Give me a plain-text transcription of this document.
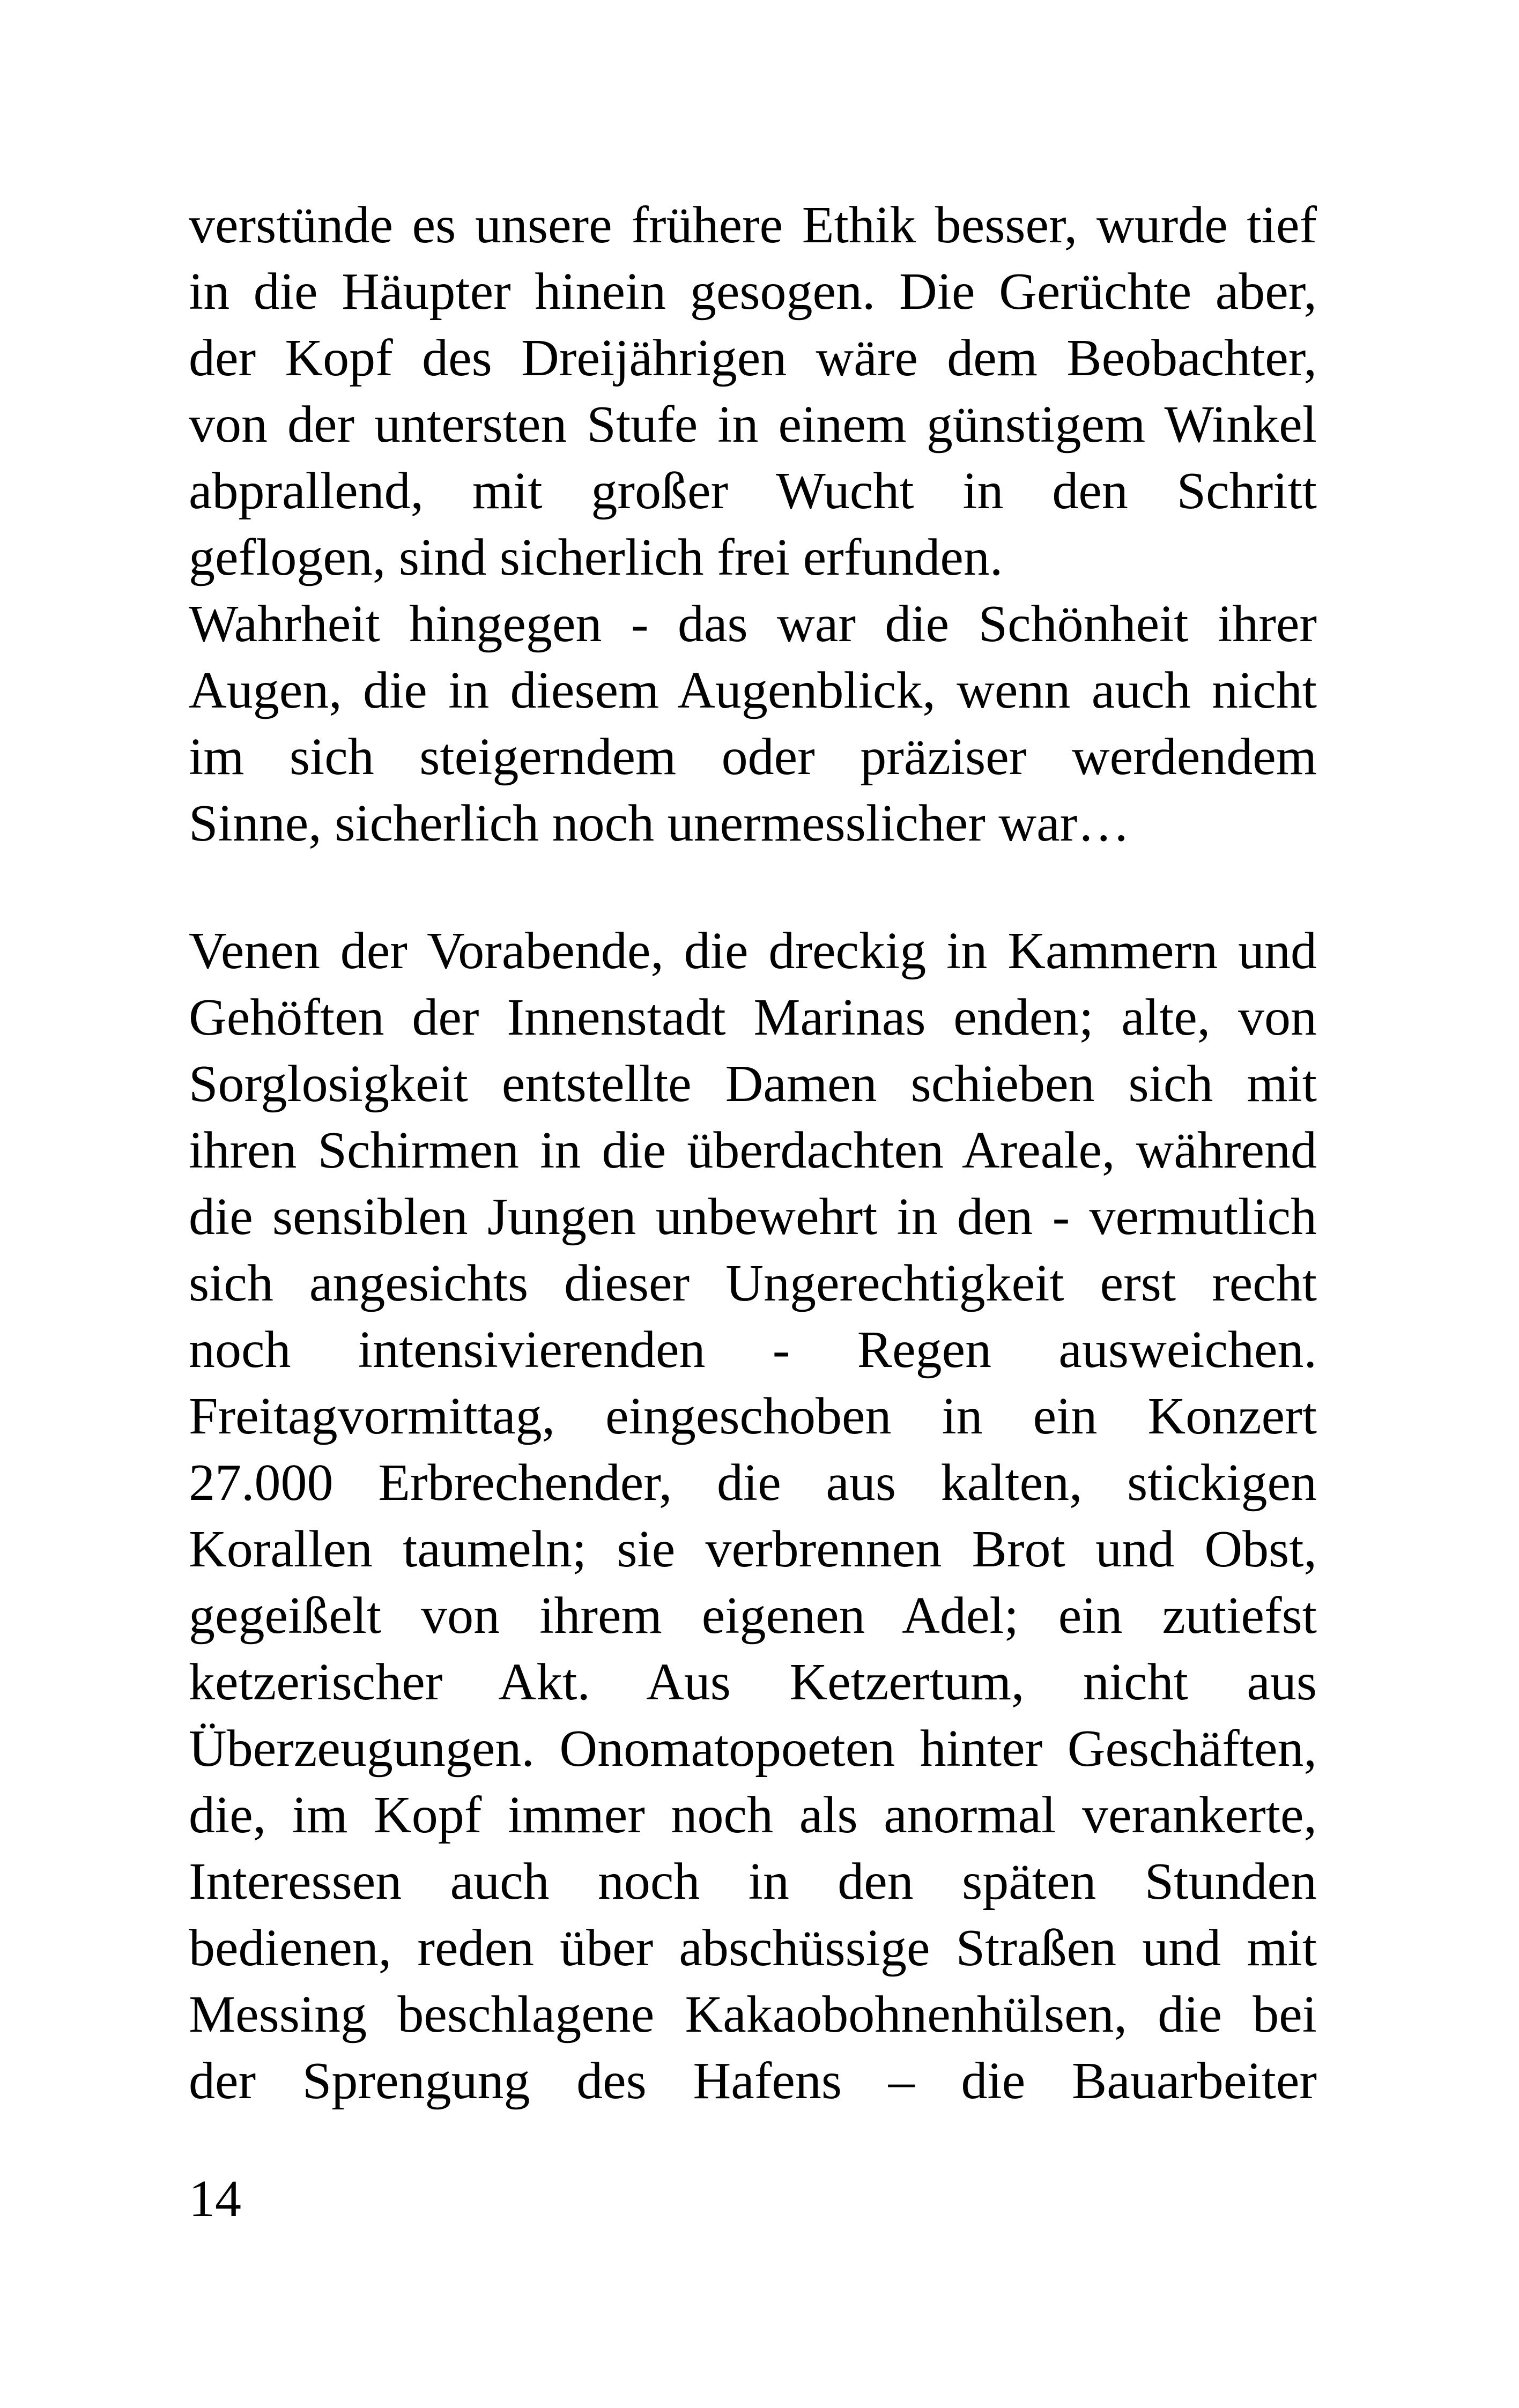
verstünde es unsere frühere Ethik besser, wurde tief
in die Häupter hinein gesogen. Die Gerüchte aber,
der Kopf des Dreijährigen wäre dem Beobachter,
von der untersten Stufe in einem günstigem Winkel
abprallend, mit großer Wucht in den Schritt
geflogen, sind sicherlich frei erfunden.
Wahrheit hingegen - das war die Schönheit ihrer
Augen, die in diesem Augenblick, wenn auch nicht
im sich steigerndem oder präziser werdendem
Sinne, sicherlich noch unermesslicher war…
Venen der Vorabende, die dreckig in Kammern und
Gehöften der Innenstadt Marinas enden; alte, von
Sorglosigkeit entstellte Damen schieben sich mit
ihren Schirmen in die überdachten Areale, während
die sensiblen Jungen unbewehrt in den - vermutlich
sich angesichts dieser Ungerechtigkeit erst recht
noch intensivierenden - Regen ausweichen.
Freitagvormittag, eingeschoben in ein Konzert
27.000 Erbrechender, die aus kalten, stickigen
Korallen taumeln; sie verbrennen Brot und Obst,
gegeißelt von ihrem eigenen Adel; ein zutiefst
ketzerischer Akt. Aus Ketzertum, nicht aus
Überzeugungen. Onomatopoeten hinter Geschäften,
die, im Kopf immer noch als anormal verankerte,
Interessen auch noch in den späten Stunden
bedienen, reden über abschüssige Straßen und mit
Messing beschlagene Kakaobohnenhülsen, die bei
der Sprengung des Hafens – die Bauarbeiter
14
